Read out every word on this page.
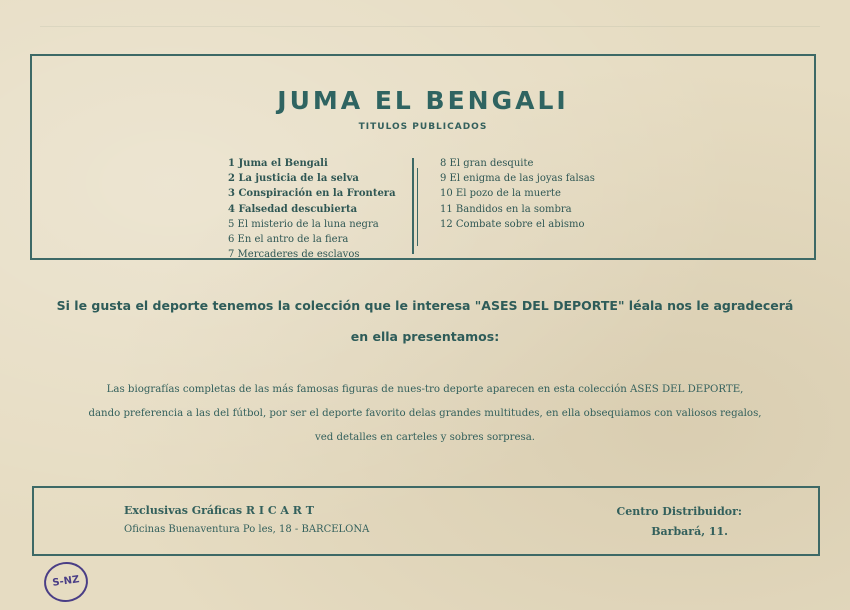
JUMA EL BENGALI
TITULOS PUBLICADOS
1 Juma el Bengali
2 La justicia de la selva
3 Conspiración en la Frontera
4 Falsedad descubierta
5 El misterio de la luna negra
6 En el antro de la fiera
7 Mercaderes de esclavos
8 El gran desquite
9 El enigma de las joyas falsas
10 El pozo de la muerte
11 Bandidos en la sombra
12 Combate sobre el abismo
Si le gusta el deporte tenemos la colección que le interesa "ASES DEL DEPORTE" léala nos le agradecerá
en ella presentamos:
Las biografías completas de las más famosas figuras de nues-tro deporte aparecen en esta colección ASES DEL DEPORTE,
dando preferencia a las del fútbol, por ser el deporte favorito delas grandes multitudes, en ella obsequiamos con valiosos regalos,
ved detalles en carteles y sobres sorpresa.
Exclusivas Gráficas R I C A R T
Oficinas Buenaventura Po les, 18 - BARCELONA
Centro Distribuidor:
Barbará, 11.
S-NZ
